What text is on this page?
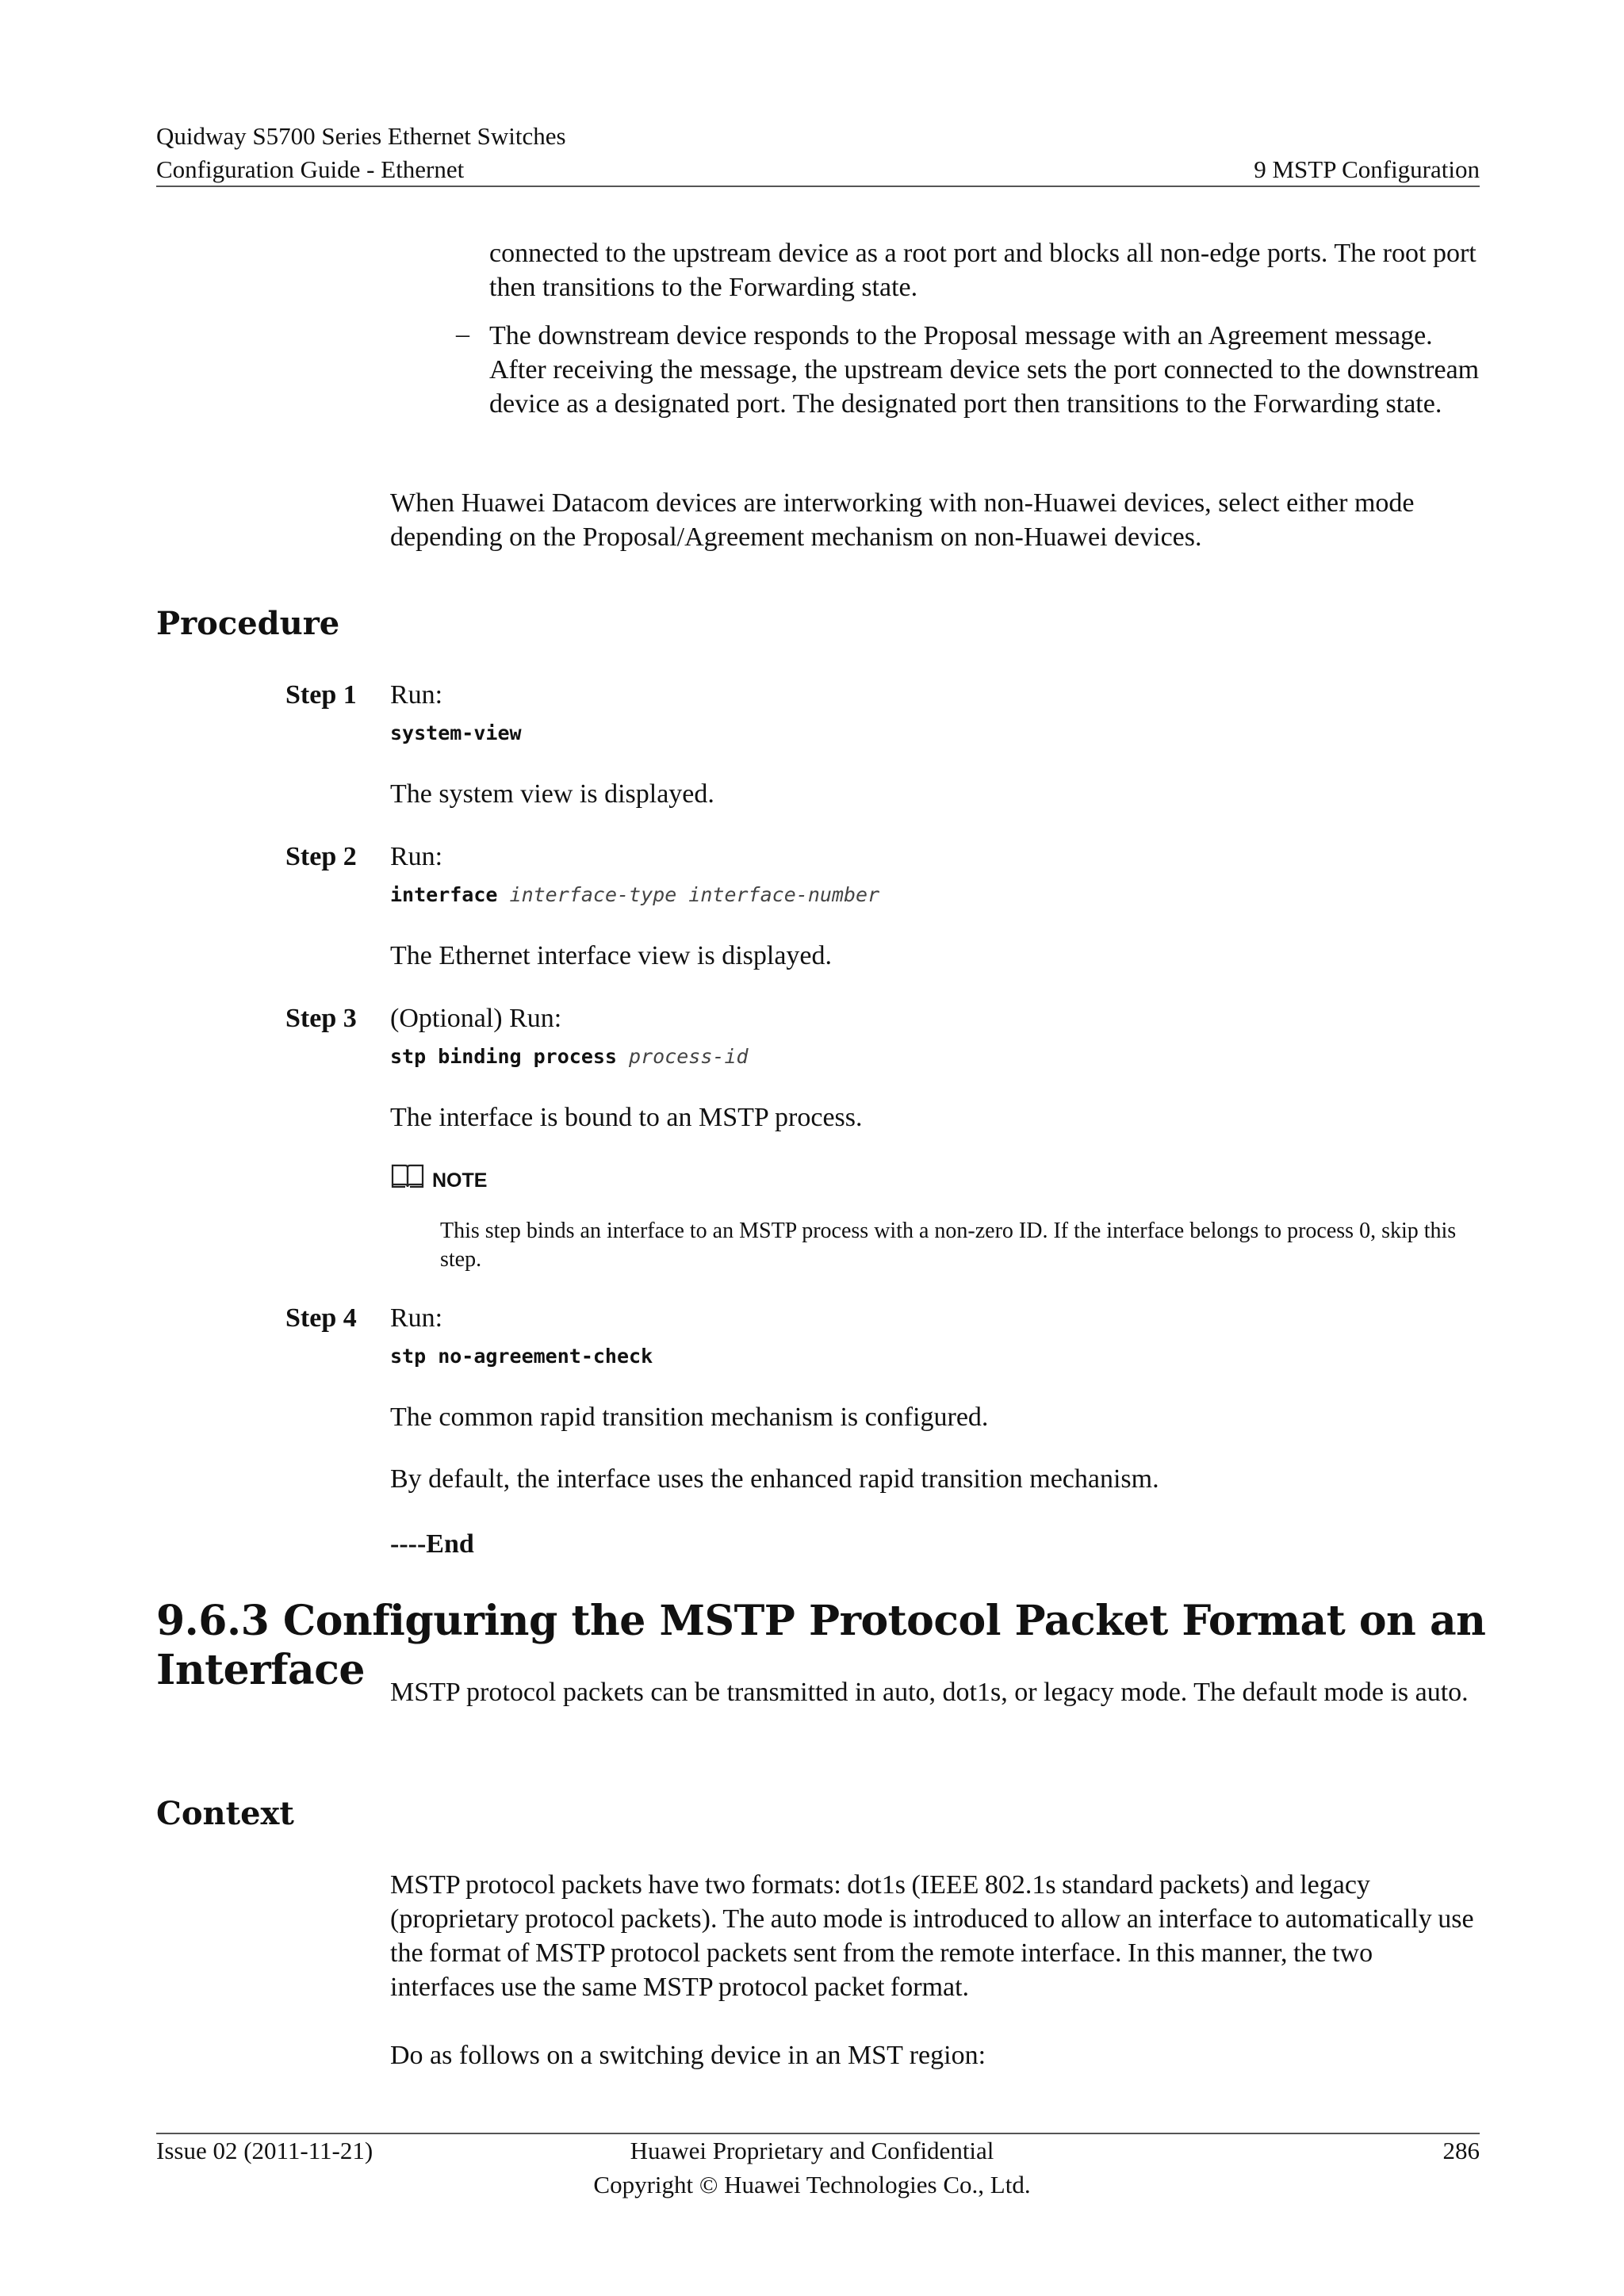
Quidway S5700 Series Ethernet Switches
Configuration Guide - Ethernet	9 MSTP Configuration
connected to the upstream device as a root port and blocks all non-edge ports. The root port then transitions to the Forwarding state.
– The downstream device responds to the Proposal message with an Agreement message. After receiving the message, the upstream device sets the port connected to the downstream device as a designated port. The designated port then transitions to the Forwarding state.
When Huawei Datacom devices are interworking with non-Huawei devices, select either mode depending on the Proposal/Agreement mechanism on non-Huawei devices.
Procedure
Step 1	Run:
system-view
The system view is displayed.
Step 2	Run:
interface interface-type interface-number
The Ethernet interface view is displayed.
Step 3	(Optional) Run:
stp binding process process-id
The interface is bound to an MSTP process.
NOTE
This step binds an interface to an MSTP process with a non-zero ID. If the interface belongs to process 0, skip this step.
Step 4	Run:
stp no-agreement-check
The common rapid transition mechanism is configured.
By default, the interface uses the enhanced rapid transition mechanism.
----End
9.6.3 Configuring the MSTP Protocol Packet Format on an Interface MSTP protocol packets can be transmitted in auto, dot1s, or legacy mode. The default mode is auto.
Context
MSTP protocol packets have two formats: dot1s (IEEE 802.1s standard packets) and legacy (proprietary protocol packets). The auto mode is introduced to allow an interface to automatically use the format of MSTP protocol packets sent from the remote interface. In this manner, the two interfaces use the same MSTP protocol packet format.
Do as follows on a switching device in an MST region:
Issue 02 (2011-11-21)	Huawei Proprietary and Confidential
Copyright © Huawei Technologies Co., Ltd.
286
